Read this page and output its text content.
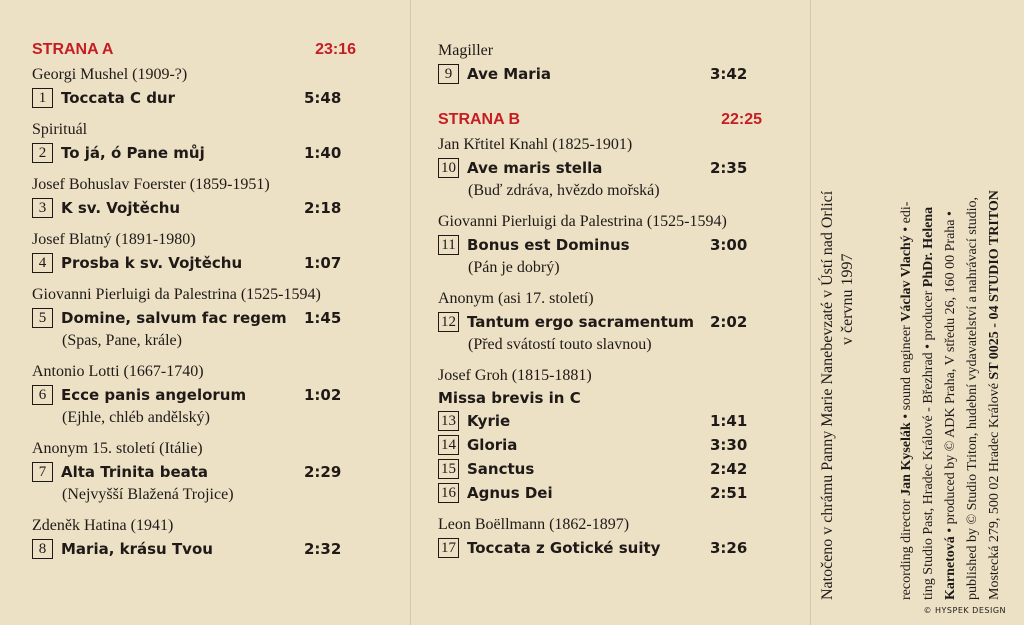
STRANA A	23:16
Georgi Mushel (1909-?)
1 Toccata C dur	5:48
Spirituál
2 To já, ó Pane můj	1:40
Josef Bohuslav Foerster (1859-1951)
3 K sv. Vojtěchu	2:18
Josef Blatný (1891-1980)
4 Prosba k sv. Vojtěchu	1:07
Giovanni Pierluigi da Palestrina (1525-1594)
5 Domine, salvum fac regem	1:45
(Spas, Pane, krále)
Antonio Lotti (1667-1740)
6 Ecce panis angelorum	1:02
(Ejhle, chléb andělský)
Anonym 15. století (Itálie)
7 Alta Trinita beata	2:29
(Nejvyšší Blažená Trojice)
Zdeněk Hatina (1941)
8 Maria, krásu Tvou	2:32
Magiller
9 Ave Maria	3:42
STRANA B	22:25
Jan Křtitel Knahl (1825-1901)
10 Ave maris stella	2:35
(Buď zdráva, hvězdo mořská)
Giovanni Pierluigi da Palestrina (1525-1594)
11 Bonus est Dominus	3:00
(Pán je dobrý)
Anonym (asi 17. století)
12 Tantum ergo sacramentum	2:02
(Před svátostí touto slavnou)
Josef Groh (1815-1881)
Missa brevis in C
13 Kyrie	1:41
14 Gloria	3:30
15 Sanctus	2:42
16 Agnus Dei	2:51
Leon Boëllmann (1862-1897)
17 Toccata z Gotické suity	3:26	Natočeno v chrámu Panny Marie Nanebevzaté v Ústí nad Orlicí v červnu 1997
recording director Jan Kyselák • sound engineer Václav Vlachý • edi-
ting Studio Past, Hradec Králové - Březhrad • producer PhDr. Helena
Karnetová • produced by © ADK Praha, V středu 26, 160 00 Praha • published by © Studio Triton, hudební vydavatelství a nahrávací studio, Mostecká 279, 500 02 Hradec Králové ST 0025 - 04 STUDIO TRITON
© HYSPEK DESIGN
